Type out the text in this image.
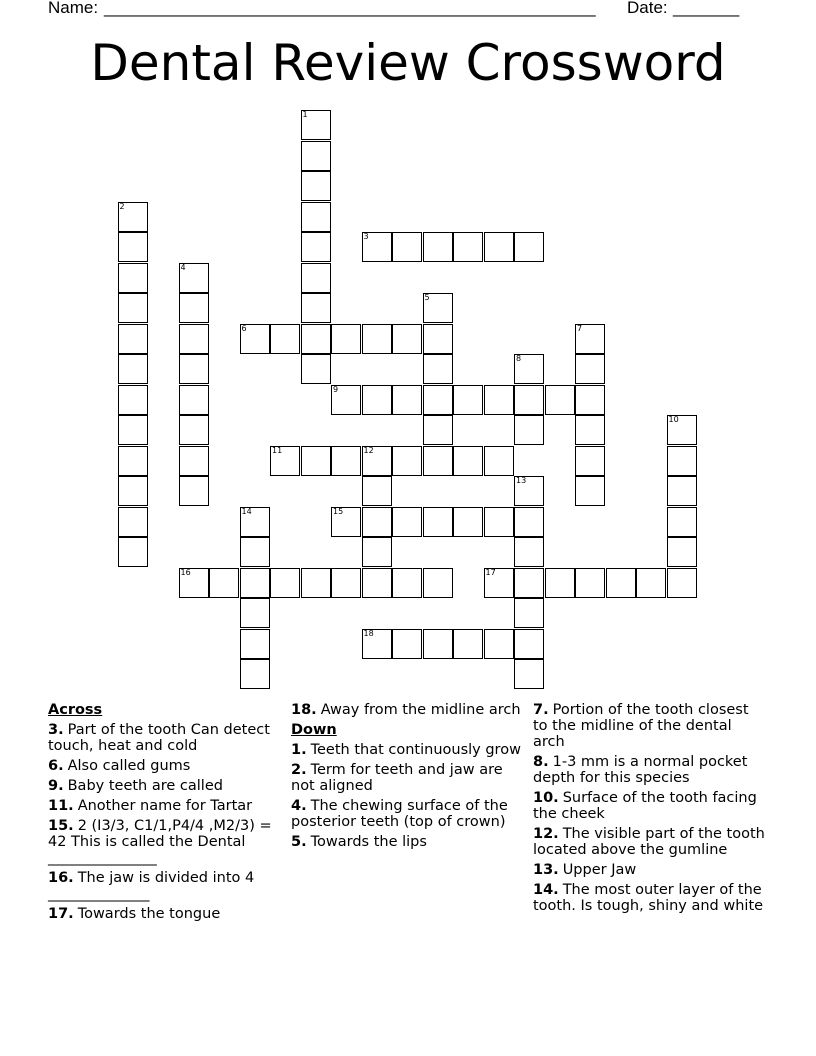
Name: ____________________________________________________ Date: _______
Dental Review Crossword
1
2
3
4
5
6	7
8
9
10
11	12
13
14	15
16	17
18
Across
3. Part of the tooth Can detect touch, heat and cold
6. Also called gums
9. Baby teeth are called
11. Another name for Tartar
15. 2 (I3/3, C1/1,P4/4 ,M2/3) = 42 This is called the Dental _______________
16. The jaw is divided into 4 ______________
17. Towards the tongue
18. Away from the midline arch
Down
1. Teeth that continuously grow
2. Term for teeth and jaw are not aligned
4. The chewing surface of the posterior teeth (top of crown)
5. Towards the lips
7. Portion of the tooth closest to the midline of the dental arch
8. 1-3 mm is a normal pocket depth for this species
10. Surface of the tooth facing the cheek
12. The visible part of the tooth located above the gumline
13. Upper Jaw
14. The most outer layer of the tooth. Is tough, shiny and white
